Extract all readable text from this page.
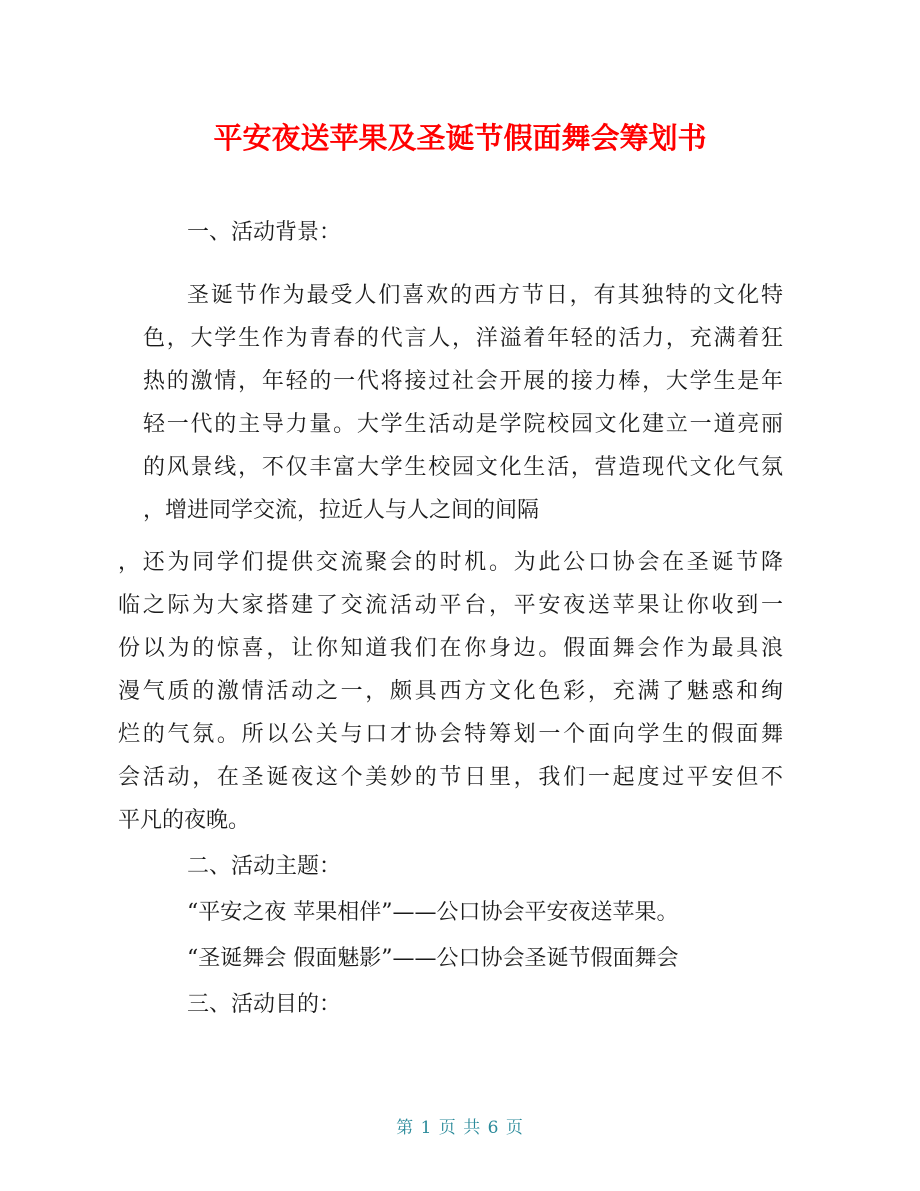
平安夜送苹果及圣诞节假面舞会筹划书
一、活动背景：
圣诞节作为最受人们喜欢的西方节日，有其独特的文化特
色，大学生作为青春的代言人，洋溢着年轻的活力，充满着狂
热的激情，年轻的一代将接过社会开展的接力棒，大学生是年
轻一代的主导力量。大学生活动是学院校园文化建立一道亮丽
的风景线，不仅丰富大学生校园文化生活，营造现代文化气氛
，增进同学交流，拉近人与人之间的间隔
，还为同学们提供交流聚会的时机。为此公口协会在圣诞节降
临之际为大家搭建了交流活动平台，平安夜送苹果让你收到一
份以为的惊喜，让你知道我们在你身边。假面舞会作为最具浪
漫气质的激情活动之一，颇具西方文化色彩，充满了魅惑和绚
烂的气氛。所以公关与口才协会特筹划一个面向学生的假面舞
会活动，在圣诞夜这个美妙的节日里，我们一起度过平安但不
平凡的夜晚。
二、活动主题：
“平安之夜 苹果相伴”——公口协会平安夜送苹果。
“圣诞舞会 假面魅影”——公口协会圣诞节假面舞会
三、活动目的：
第 1 页 共 6 页
